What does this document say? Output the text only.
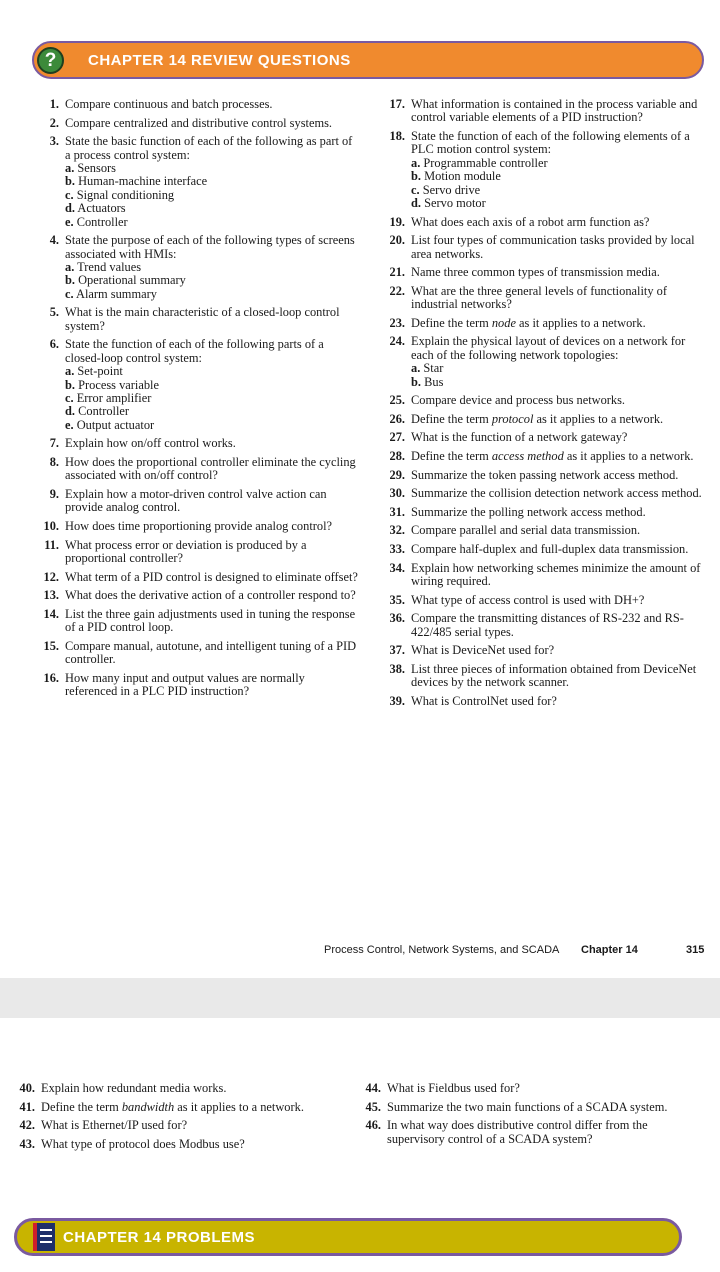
?	CHAPTER 14 REVIEW QUESTIONS
1. Compare continuous and batch processes.
2. Compare centralized and distributive control systems.
3. State the basic function of each of the following as part of a process control system:
a. Sensors
b. Human-machine interface
c. Signal conditioning
d. Actuators
e. Controller
4. State the purpose of each of the following types of screens associated with HMIs:
a. Trend values
b. Operational summary
c. Alarm summary
5. What is the main characteristic of a closed-loop control system?
6. State the function of each of the following parts of a closed-loop control system:
a. Set-point
b. Process variable
c. Error amplifier
d. Controller
e. Output actuator
7. Explain how on/off control works.
8. How does the proportional controller eliminate the cycling associated with on/off control?
9. Explain how a motor-driven control valve action can provide analog control.
10. How does time proportioning provide analog control?
11. What process error or deviation is produced by a proportional controller?
12. What term of a PID control is designed to eliminate offset?
13. What does the derivative action of a controller respond to?
14. List the three gain adjustments used in tuning the response of a PID control loop.
15. Compare manual, autotune, and intelligent tuning of a PID controller.
16. How many input and output values are normally referenced in a PLC PID instruction?
17. What information is contained in the process variable and control variable elements of a PID instruction?
18. State the function of each of the following elements of a PLC motion control system:
a. Programmable controller
b. Motion module
c. Servo drive
d. Servo motor
19. What does each axis of a robot arm function as?
20. List four types of communication tasks provided by local area networks.
21. Name three common types of transmission media.
22. What are the three general levels of functionality of industrial networks?
23. Define the term node as it applies to a network.
24. Explain the physical layout of devices on a network for each of the following network topologies:
a. Star
b. Bus
25. Compare device and process bus networks.
26. Define the term protocol as it applies to a network.
27. What is the function of a network gateway?
28. Define the term access method as it applies to a network.
29. Summarize the token passing network access method.
30. Summarize the collision detection network access method.
31. Summarize the polling network access method.
32. Compare parallel and serial data transmission.
33. Compare half-duplex and full-duplex data transmission.
34. Explain how networking schemes minimize the amount of wiring required.
35. What type of access control is used with DH+?
36. Compare the transmitting distances of RS-232 and RS-422/485 serial types.
37. What is DeviceNet used for?
38. List three pieces of information obtained from DeviceNet devices by the network scanner.
39. What is ControlNet used for?
Process Control, Network Systems, and SCADA Chapter 14	315
40. Explain how redundant media works.
41. Define the term bandwidth as it applies to a network.
42. What is Ethernet/IP used for?
43. What type of protocol does Modbus use?
44. What is Fieldbus used for?
45. Summarize the two main functions of a SCADA system.
46. In what way does distributive control differ from the supervisory control of a SCADA system?
CHAPTER 14 PROBLEMS
